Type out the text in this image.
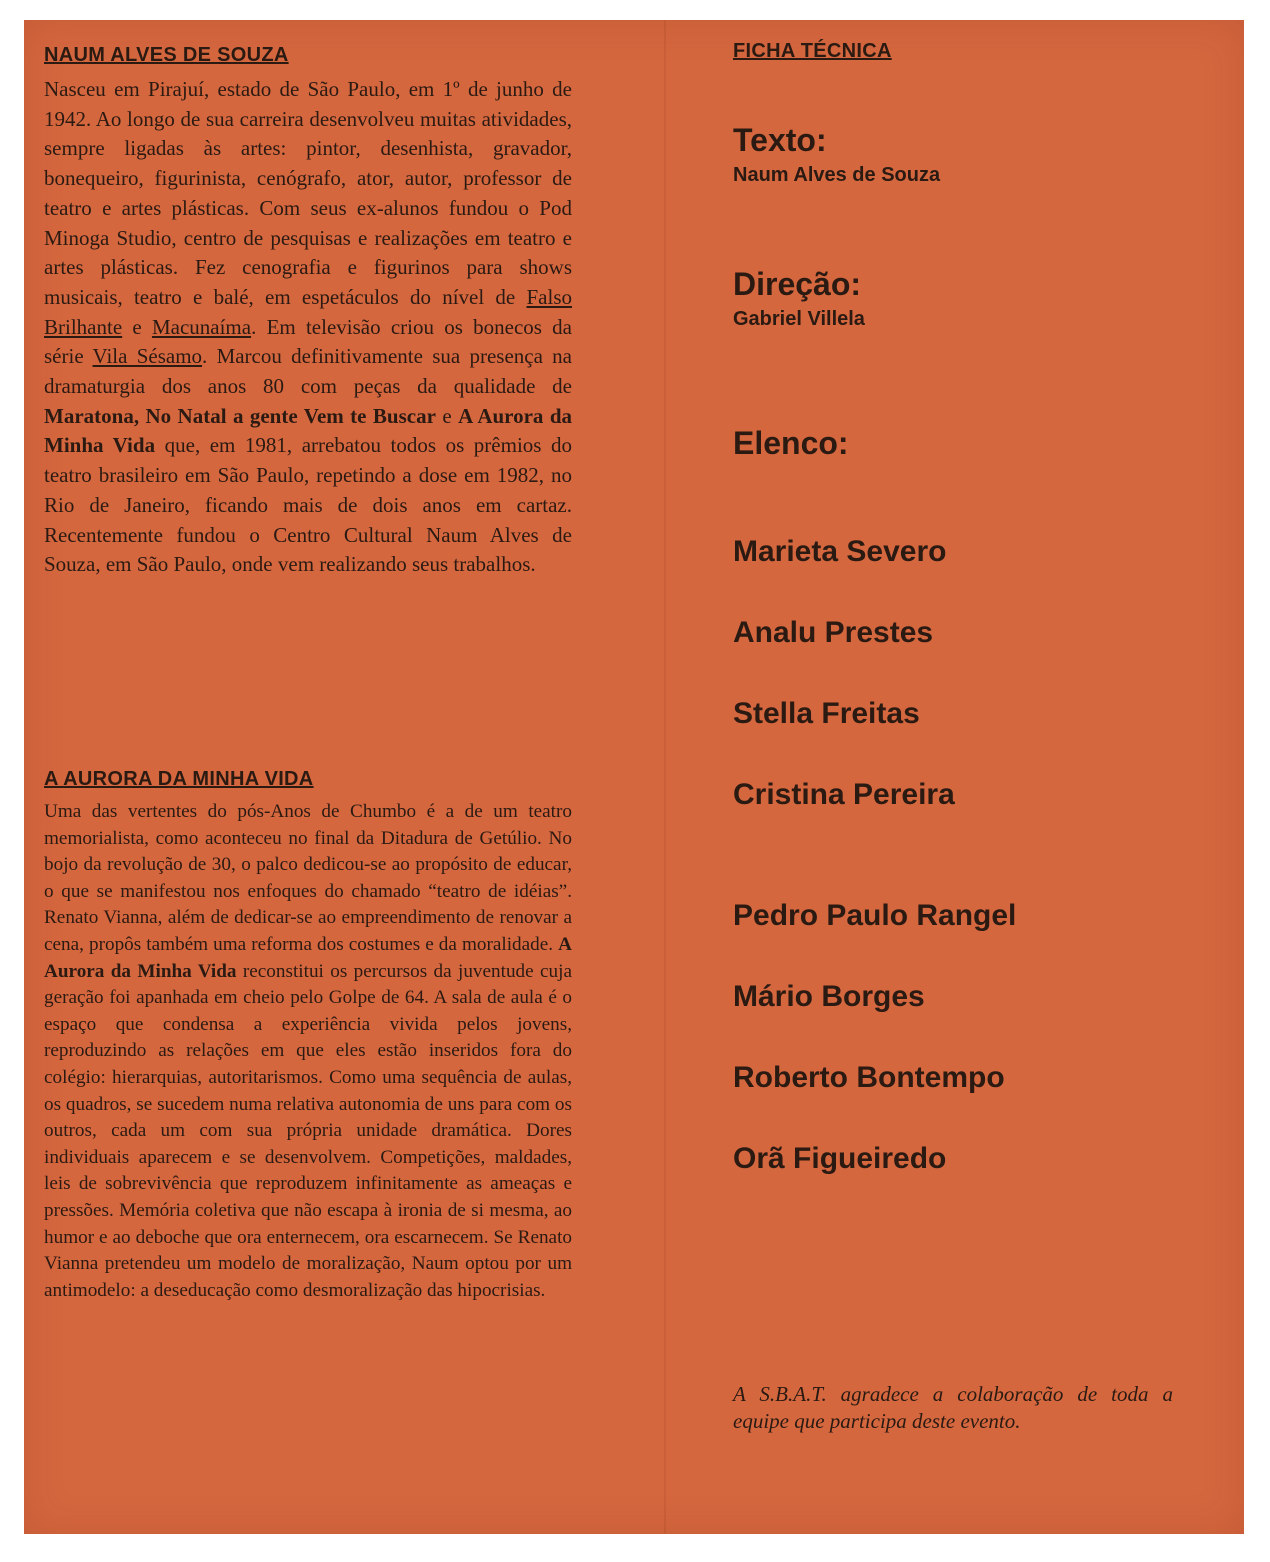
NAUM ALVES DE SOUZA

Nasceu em Pirajuí, estado de São Paulo, em 1º de junho de 1942. Ao longo de sua carreira desenvolveu muitas atividades, sempre ligadas às artes: pintor, desenhista, gravador, bonequeiro, figurinista, cenógrafo, ator, autor, professor de teatro e artes plásticas. Com seus ex-alunos fundou o Pod Minoga Studio, centro de pesquisas e realizações em teatro e artes plásticas. Fez cenografia e figurinos para shows musicais, teatro e balé, em espetáculos do nível de Falso Brilhante e Macunaíma. Em televisão criou os bonecos da série Vila Sésamo. Marcou definitivamente sua presença na dramaturgia dos anos 80 com peças da qualidade de Maratona, No Natal a gente Vem te Buscar e A Aurora da Minha Vida que, em 1981, arrebatou todos os prêmios do teatro brasileiro em São Paulo, repetindo a dose em 1982, no Rio de Janeiro, ficando mais de dois anos em cartaz. Recentemente fundou o Centro Cultural Naum Alves de Souza, em São Paulo, onde vem realizando seus trabalhos.

A AURORA DA MINHA VIDA

Uma das vertentes do pós-Anos de Chumbo é a de um teatro memorialista, como aconteceu no final da Ditadura de Getúlio. No bojo da revolução de 30, o palco dedicou-se ao propósito de educar, o que se manifestou nos enfoques do chamado “teatro de idéias”. Renato Vianna, além de dedicar-se ao empreendimento de renovar a cena, propôs também uma reforma dos costumes e da moralidade. A Aurora da Minha Vida reconstitui os percursos da juventude cuja geração foi apanhada em cheio pelo Golpe de 64. A sala de aula é o espaço que condensa a experiência vivida pelos jovens, reproduzindo as relações em que eles estão inseridos fora do colégio: hierarquias, autoritarismos. Como uma sequência de aulas, os quadros, se sucedem numa relativa autonomia de uns para com os outros, cada um com sua própria unidade dramática. Dores individuais aparecem e se desenvolvem. Competições, maldades, leis de sobrevivência que reproduzem infinitamente as ameaças e pressões. Memória coletiva que não escapa à ironia de si mesma, ao humor e ao deboche que ora enternecem, ora escarnecem. Se Renato Vianna pretendeu um modelo de moralização, Naum optou por um antimodelo: a deseducação como desmoralização das hipocrisias.

FICHA TÉCNICA
Texto:
Naum Alves de Souza
Direção:
Gabriel Villela
Elenco:
Marieta Severo
Analu Prestes
Stella Freitas
Cristina Pereira
Pedro Paulo Rangel
Mário Borges
Roberto Bontempo
Orã Figueiredo
A S.B.A.T. agradece a colaboração de toda a equipe que participa deste evento.
